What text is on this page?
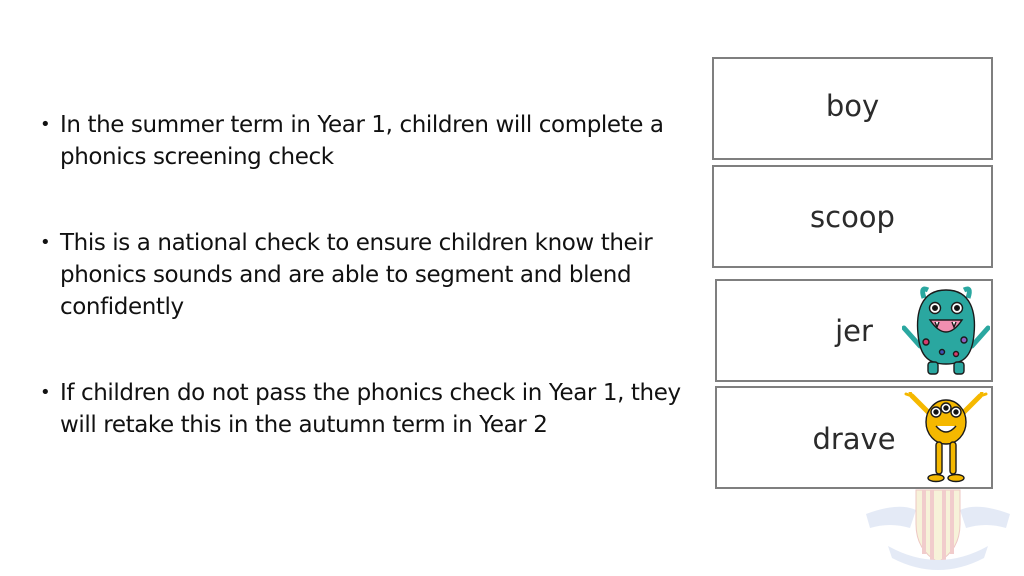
• In the summer term in Year 1, children will complete a phonics screening check
• This is a national check to ensure children know their phonics sounds and are able to segment and blend confidently
• If children do not pass the phonics check in Year 1, they will retake this in the autumn term in Year 2
boy
scoop
jer
drave
